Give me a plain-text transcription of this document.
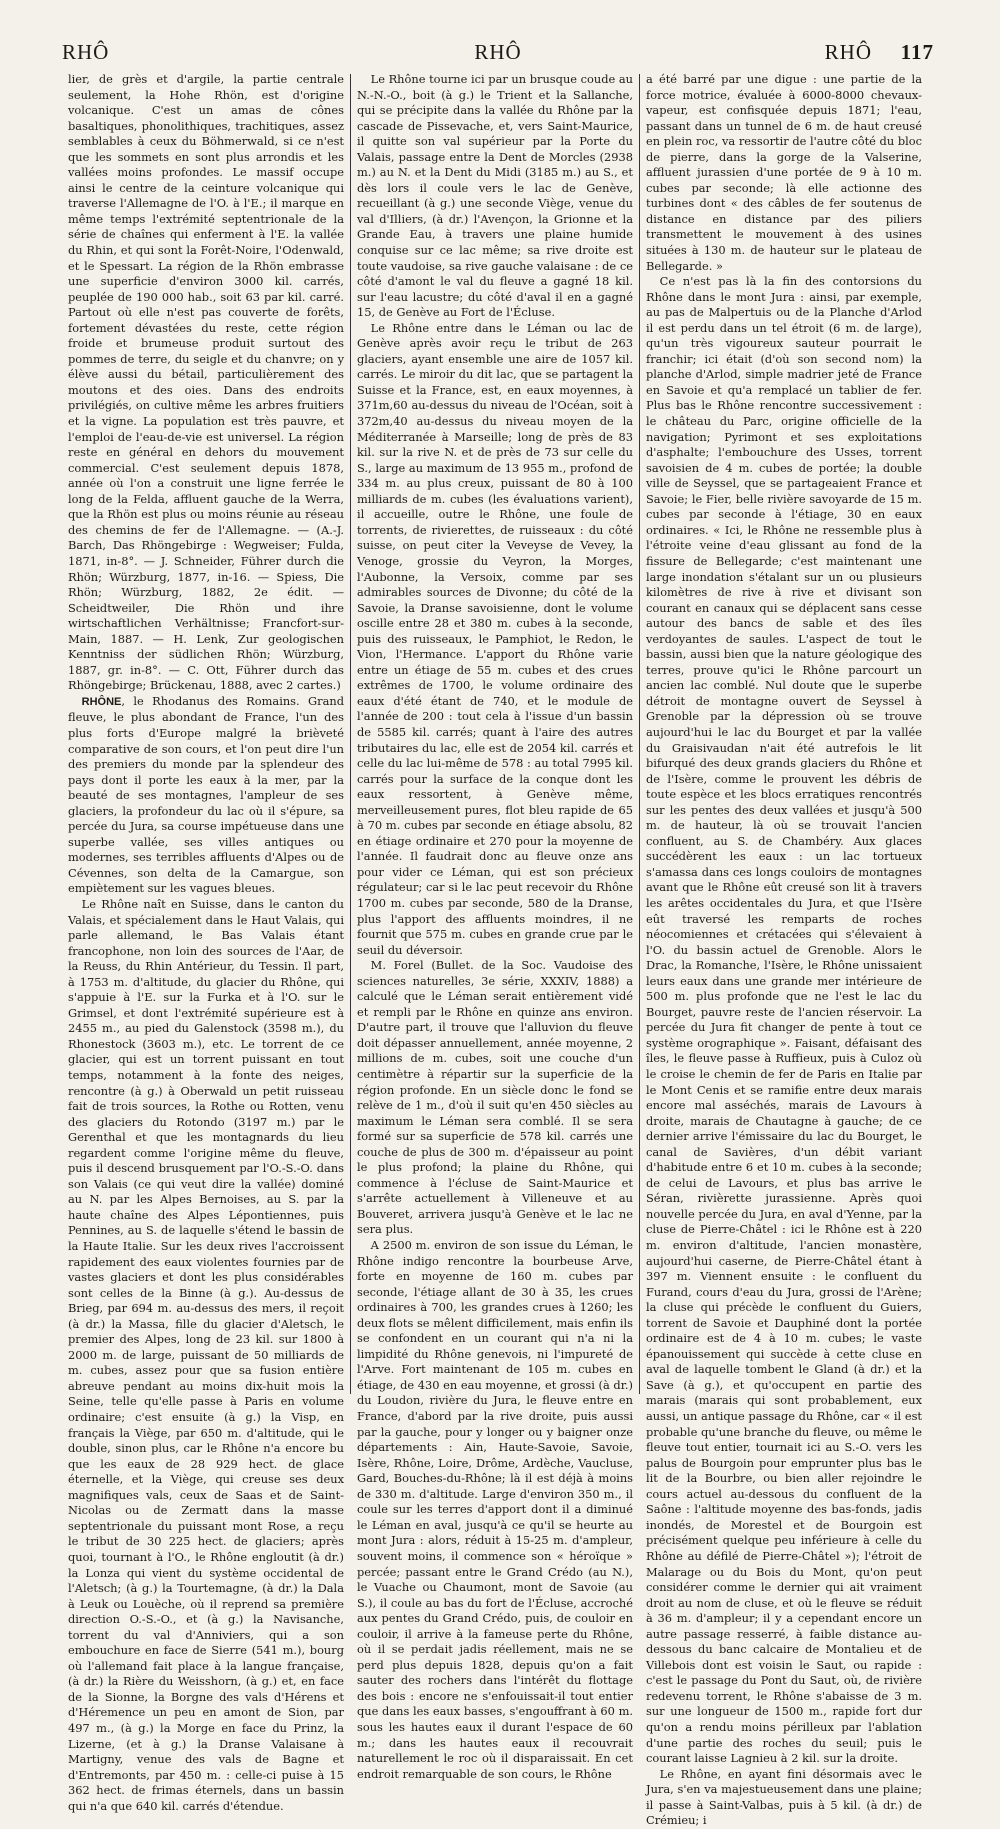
RHÔ	RHÔ	RHÔ 117

lier, de grès et d'argile, la partie centrale seulement, la Hohe Rhön, est d'origine volcanique. C'est un amas de cônes basaltiques, phonolithiques, trachitiques, assez semblables à ceux du Böhmerwald, si ce n'est que les sommets en sont plus arrondis et les vallées moins profondes. Le massif occupe ainsi le centre de la ceinture volcanique qui traverse l'Allemagne de l'O. à l'E.; il marque en même temps l'extrémité septentrionale de la série de chaînes qui enferment à l'E. la vallée du Rhin, et qui sont la Forêt-Noire, l'Odenwald, et le Spessart. La région de la Rhön embrasse une superficie d'environ 3000 kil. carrés, peuplée de 190 000 hab., soit 63 par kil. carré. Partout où elle n'est pas couverte de forêts, fortement dévastées du reste, cette région froide et brumeuse produit surtout des pommes de terre, du seigle et du chanvre; on y élève aussi du bétail, particulièrement des moutons et des oies. Dans des endroits privilégiés, on cultive même les arbres fruitiers et la vigne. La population est très pauvre, et l'emploi de l'eau-de-vie est universel. La région reste en général en dehors du mouvement commercial. C'est seulement depuis 1878, année où l'on a construit une ligne ferrée le long de la Felda, affluent gauche de la Werra, que la Rhön est plus ou moins réunie au réseau des chemins de fer de l'Allemagne. — (A.-J. Barch, Das Rhöngebirge : Wegweiser; Fulda, 1871, in-8°. — J. Schneider, Führer durch die Rhön; Würzburg, 1877, in-16. — Spiess, Die Rhön; Würzburg, 1882, 2e édit. — Scheidtweiler, Die Rhön und ihre wirtschaftlichen Verhältnisse; Francfort-sur-Main, 1887. — H. Lenk, Zur geologischen Kenntniss der südlichen Rhön; Würzburg, 1887, gr. in-8°. — C. Ott, Führer durch das Rhöngebirge; Brückenau, 1888, avec 2 cartes.)

RHÔNE, le Rhodanus des Romains. Grand fleuve, le plus abondant de France, l'un des plus forts d'Europe malgré la brièveté comparative de son cours, et l'on peut dire l'un des premiers du monde par la splendeur des pays dont il porte les eaux à la mer, par la beauté de ses montagnes, l'ampleur de ses glaciers, la profondeur du lac où il s'épure, sa percée du Jura, sa course impétueuse dans une superbe vallée, ses villes antiques ou modernes, ses terribles affluents d'Alpes ou de Cévennes, son delta de la Camargue, son empiètement sur les vagues bleues.

Le Rhône naît en Suisse, dans le canton du Valais, et spécialement dans le Haut Valais, qui parle allemand, le Bas Valais étant francophone, non loin des sources de l'Aar, de la Reuss, du Rhin Antérieur, du Tessin. Il part, à 1753 m. d'altitude, du glacier du Rhône, qui s'appuie à l'E. sur la Furka et à l'O. sur le Grimsel, et dont l'extrémité supérieure est à 2455 m., au pied du Galenstock (3598 m.), du Rhonestock (3603 m.), etc. Le torrent de ce glacier, qui est un torrent puissant en tout temps, notamment à la fonte des neiges, rencontre (à g.) à Oberwald un petit ruisseau fait de trois sources, la Rothe ou Rotten, venu des glaciers du Rotondo (3197 m.) par le Gerenthal et que les montagnards du lieu regardent comme l'origine même du fleuve, puis il descend brusquement par l'O.-S.-O. dans son Valais (ce qui veut dire la vallée) dominé au N. par les Alpes Bernoises, au S. par la haute chaîne des Alpes Lépontiennes, puis Pennines, au S. de laquelle s'étend le bassin de la Haute Italie. Sur les deux rives l'accroissent rapidement des eaux violentes fournies par de vastes glaciers et dont les plus considérables sont celles de la Binne (à g.). Au-dessus de Brieg, par 694 m. au-dessus des mers, il reçoit (à dr.) la Massa, fille du glacier d'Aletsch, le premier des Alpes, long de 23 kil. sur 1800 à 2000 m. de large, puissant de 50 milliards de m. cubes, assez pour que sa fusion entière abreuve pendant au moins dix-huit mois la Seine, telle qu'elle passe à Paris en volume ordinaire; c'est ensuite (à g.) la Visp, en français la Viège, par 650 m. d'altitude, qui le double, sinon plus, car le Rhône n'a encore bu que les eaux de 28 929 hect. de glace éternelle, et la Viège, qui creuse ses deux magnifiques vals, ceux de Saas et de Saint-Nicolas ou de Zermatt dans la masse septentrionale du puissant mont Rose, a reçu le tribut de 30 225 hect. de glaciers; après quoi, tournant à l'O., le Rhône engloutit (à dr.) la Lonza qui vient du système occidental de l'Aletsch; (à g.) la Tourtemagne, (à dr.) la Dala à Leuk ou Louèche, où il reprend sa première direction O.-S.-O., et (à g.) la Navisanche, torrent du val d'Anniviers, qui a son embouchure en face de Sierre (541 m.), bourg où l'allemand fait place à la langue française, (à dr.) la Rière du Weisshorn, (à g.) et, en face de la Sionne, la Borgne des vals d'Hérens et d'Héremence un peu en amont de Sion, par 497 m., (à g.) la Morge en face du Prinz, la Lizerne, (et à g.) la Dranse Valaisane à Martigny, venue des vals de Bagne et d'Entremonts, par 450 m. : celle-ci puise à 15 362 hect. de frimas éternels, dans un bassin qui n'a que 640 kil. carrés d'étendue.

Le Rhône tourne ici par un brusque coude au N.-N.-O., boit (à g.) le Trient et la Sallanche, qui se précipite dans la vallée du Rhône par la cascade de Pissevache, et, vers Saint-Maurice, il quitte son val supérieur par la Porte du Valais, passage entre la Dent de Morcles (2938 m.) au N. et la Dent du Midi (3185 m.) au S., et dès lors il coule vers le lac de Genève, recueillant (à g.) une seconde Viège, venue du val d'Illiers, (à dr.) l'Avençon, la Grionne et la Grande Eau, à travers une plaine humide conquise sur ce lac même; sa rive droite est toute vaudoise, sa rive gauche valaisane : de ce côté d'amont le val du fleuve a gagné 18 kil. sur l'eau lacustre; du côté d'aval il en a gagné 15, de Genève au Fort de l'Écluse.

Le Rhône entre dans le Léman ou lac de Genève après avoir reçu le tribut de 263 glaciers, ayant ensemble une aire de 1057 kil. carrés. Le miroir du dit lac, que se partagent la Suisse et la France, est, en eaux moyennes, à 371m,60 au-dessus du niveau de l'Océan, soit à 372m,40 au-dessus du niveau moyen de la Méditerranée à Marseille; long de près de 83 kil. sur la rive N. et de près de 73 sur celle du S., large au maximum de 13 955 m., profond de 334 m. au plus creux, puissant de 80 à 100 milliards de m. cubes (les évaluations varient), il accueille, outre le Rhône, une foule de torrents, de rivierettes, de ruisseaux : du côté suisse, on peut citer la Veveyse de Vevey, la Venoge, grossie du Veyron, la Morges, l'Aubonne, la Versoix, comme par ses admirables sources de Divonne; du côté de la Savoie, la Dranse savoisienne, dont le volume oscille entre 28 et 380 m. cubes à la seconde, puis des ruisseaux, le Pamphiot, le Redon, le Vion, l'Hermance. L'apport du Rhône varie entre un étiage de 55 m. cubes et des crues extrêmes de 1700, le volume ordinaire des eaux d'été étant de 740, et le module de l'année de 200 : tout cela à l'issue d'un bassin de 5585 kil. carrés; quant à l'aire des autres tributaires du lac, elle est de 2054 kil. carrés et celle du lac lui-même de 578 : au total 7995 kil. carrés pour la surface de la conque dont les eaux ressortent, à Genève même, merveilleusement pures, flot bleu rapide de 65 à 70 m. cubes par seconde en étiage absolu, 82 en étiage ordinaire et 270 pour la moyenne de l'année. Il faudrait donc au fleuve onze ans pour vider ce Léman, qui est son précieux régulateur; car si le lac peut recevoir du Rhône 1700 m. cubes par seconde, 580 de la Dranse, plus l'apport des affluents moindres, il ne fournit que 575 m. cubes en grande crue par le seuil du déversoir.

M. Forel (Bullet. de la Soc. Vaudoise des sciences naturelles, 3e série, XXXIV, 1888) a calculé que le Léman serait entièrement vidé et rempli par le Rhône en quinze ans environ. D'autre part, il trouve que l'alluvion du fleuve doit dépasser annuellement, année moyenne, 2 millions de m. cubes, soit une couche d'un centimètre à répartir sur la superficie de la région profonde. En un siècle donc le fond se relève de 1 m., d'où il suit qu'en 450 siècles au maximum le Léman sera comblé. Il se sera formé sur sa superficie de 578 kil. carrés une couche de plus de 300 m. d'épaisseur au point le plus profond; la plaine du Rhône, qui commence à l'écluse de Saint-Maurice et s'arrête actuellement à Villeneuve et au Bouveret, arrivera jusqu'à Genève et le lac ne sera plus.

A 2500 m. environ de son issue du Léman, le Rhône indigo rencontre la bourbeuse Arve, forte en moyenne de 160 m. cubes par seconde, l'étiage allant de 30 à 35, les crues ordinaires à 700, les grandes crues à 1260; les deux flots se mêlent difficilement, mais enfin ils se confondent en un courant qui n'a ni la limpidité du Rhône genevois, ni l'impureté de l'Arve. Fort maintenant de 105 m. cubes en étiage, de 430 en eau moyenne, et grossi (à dr.) du Loudon, rivière du Jura, le fleuve entre en France, d'abord par la rive droite, puis aussi par la gauche, pour y longer ou y baigner onze départements : Ain, Haute-Savoie, Savoie, Isère, Rhône, Loire, Drôme, Ardèche, Vaucluse, Gard, Bouches-du-Rhône; là il est déjà à moins de 330 m. d'altitude. Large d'environ 350 m., il coule sur les terres d'apport dont il a diminué le Léman en aval, jusqu'à ce qu'il se heurte au mont Jura : alors, réduit à 15-25 m. d'ampleur, souvent moins, il commence son « héroïque » percée; passant entre le Grand Crédo (au N.), le Vuache ou Chaumont, mont de Savoie (au S.), il coule au bas du fort de l'Écluse, accroché aux pentes du Grand Crédo, puis, de couloir en couloir, il arrive à la fameuse perte du Rhône, où il se perdait jadis réellement, mais ne se perd plus depuis 1828, depuis qu'on a fait sauter des rochers dans l'intérêt du flottage des bois : encore ne s'enfouissait-il tout entier que dans les eaux basses, s'engouffrant à 60 m. sous les hautes eaux il durant l'espace de 60 m.; dans les hautes eaux il recouvrait naturellement le roc où il disparaissait. En cet endroit remarquable de son cours, le Rhône

a été barré par une digue : une partie de la force motrice, évaluée à 6000-8000 chevaux-vapeur, est confisquée depuis 1871; l'eau, passant dans un tunnel de 6 m. de haut creusé en plein roc, va ressortir de l'autre côté du bloc de pierre, dans la gorge de la Valserine, affluent jurassien d'une portée de 9 à 10 m. cubes par seconde; là elle actionne des turbines dont « des câbles de fer soutenus de distance en distance par des piliers transmettent le mouvement à des usines situées à 130 m. de hauteur sur le plateau de Bellegarde. »

Ce n'est pas là la fin des contorsions du Rhône dans le mont Jura : ainsi, par exemple, au pas de Malpertuis ou de la Planche d'Arlod il est perdu dans un tel étroit (6 m. de large), qu'un très vigoureux sauteur pourrait le franchir; ici était (d'où son second nom) la planche d'Arlod, simple madrier jeté de France en Savoie et qu'a remplacé un tablier de fer. Plus bas le Rhône rencontre successivement : le château du Parc, origine officielle de la navigation; Pyrimont et ses exploitations d'asphalte; l'embouchure des Usses, torrent savoisien de 4 m. cubes de portée; la double ville de Seyssel, que se partageaient France et Savoie; le Fier, belle rivière savoyarde de 15 m. cubes par seconde à l'étiage, 30 en eaux ordinaires. « Ici, le Rhône ne ressemble plus à l'étroite veine d'eau glissant au fond de la fissure de Bellegarde; c'est maintenant une large inondation s'étalant sur un ou plusieurs kilomètres de rive à rive et divisant son courant en canaux qui se déplacent sans cesse autour des bancs de sable et des îles verdoyantes de saules. L'aspect de tout le bassin, aussi bien que la nature géologique des terres, prouve qu'ici le Rhône parcourt un ancien lac comblé. Nul doute que le superbe détroit de montagne ouvert de Seyssel à Grenoble par la dépression où se trouve aujourd'hui le lac du Bourget et par la vallée du Graisivaudan n'ait été autrefois le lit bifurqué des deux grands glaciers du Rhône et de l'Isère, comme le prouvent les débris de toute espèce et les blocs erratiques rencontrés sur les pentes des deux vallées et jusqu'à 500 m. de hauteur, là où se trouvait l'ancien confluent, au S. de Chambéry. Aux glaces succédèrent les eaux : un lac tortueux s'amassa dans ces longs couloirs de montagnes avant que le Rhône eût creusé son lit à travers les arêtes occidentales du Jura, et que l'Isère eût traversé les remparts de roches néocomiennes et crétacées qui s'élevaient à l'O. du bassin actuel de Grenoble. Alors le Drac, la Romanche, l'Isère, le Rhône unissaient leurs eaux dans une grande mer intérieure de 500 m. plus profonde que ne l'est le lac du Bourget, pauvre reste de l'ancien réservoir. La percée du Jura fit changer de pente à tout ce système orographique ». Faisant, défaisant des îles, le fleuve passe à Ruffieux, puis à Culoz où le croise le chemin de fer de Paris en Italie par le Mont Cenis et se ramifie entre deux marais encore mal asséchés, marais de Lavours à droite, marais de Chautagne à gauche; de ce dernier arrive l'émissaire du lac du Bourget, le canal de Savières, d'un débit variant d'habitude entre 6 et 10 m. cubes à la seconde; de celui de Lavours, et plus bas arrive le Séran, rivièrette jurassienne. Après quoi nouvelle percée du Jura, en aval d'Yenne, par la cluse de Pierre-Châtel : ici le Rhône est à 220 m. environ d'altitude, l'ancien monastère, aujourd'hui caserne, de Pierre-Châtel étant à 397 m. Viennent ensuite : le confluent du Furand, cours d'eau du Jura, grossi de l'Arène; la cluse qui précède le confluent du Guiers, torrent de Savoie et Dauphiné dont la portée ordinaire est de 4 à 10 m. cubes; le vaste épanouissement qui succède à cette cluse en aval de laquelle tombent le Gland (à dr.) et la Save (à g.), et qu'occupent en partie des marais (marais qui sont probablement, eux aussi, un antique passage du Rhône, car « il est probable qu'une branche du fleuve, ou même le fleuve tout entier, tournait ici au S.-O. vers les palus de Bourgoin pour emprunter plus bas le lit de la Bourbre, ou bien aller rejoindre le cours actuel au-dessous du confluent de la Saône : l'altitude moyenne des bas-fonds, jadis inondés, de Morestel et de Bourgoin est précisément quelque peu inférieure à celle du Rhône au défilé de Pierre-Châtel »); l'étroit de Malarage ou du Bois du Mont, qu'on peut considérer comme le dernier qui ait vraiment droit au nom de cluse, et où le fleuve se réduit à 36 m. d'ampleur; il y a cependant encore un autre passage resserré, à faible distance au-dessous du banc calcaire de Montalieu et de Villebois dont est voisin le Saut, ou rapide : c'est le passage du Pont du Saut, où, de rivière redevenu torrent, le Rhône s'abaisse de 3 m. sur une longueur de 1500 m., rapide fort dur qu'on a rendu moins périlleux par l'ablation d'une partie des roches du seuil; puis le courant laisse Lagnieu à 2 kil. sur la droite.

Le Rhône, en ayant fini désormais avec le Jura, s'en va majestueusement dans une plaine; il passe à Saint-Valbas, puis à 5 kil. (à dr.) de Crémieu; i
